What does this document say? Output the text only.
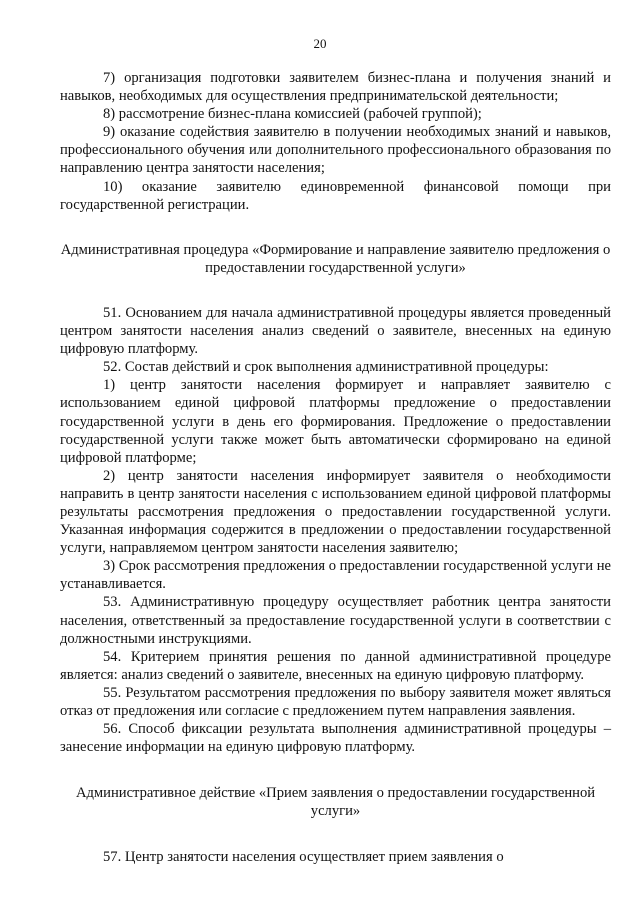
20

7) организация подготовки заявителем бизнес-плана и получения знаний и навыков, необходимых для осуществления предпринимательской деятельности;

8) рассмотрение бизнес-плана комиссией (рабочей группой);

9) оказание содействия заявителю в получении необходимых знаний и навыков, профессионального обучения или дополнительного профессионального образования по направлению центра занятости населения;

10) оказание заявителю единовременной финансовой помощи при государственной регистрации.

Административная процедура «Формирование и направление заявителю предложения о предоставлении государственной услуги»

51. Основанием для начала административной процедуры является проведенный центром занятости населения анализ сведений о заявителе, внесенных на единую цифровую платформу.

52. Состав действий и срок выполнения административной процедуры:

1) центр занятости населения формирует и направляет заявителю с использованием единой цифровой платформы предложение о предоставлении государственной услуги в день его формирования. Предложение о предоставлении государственной услуги также может быть автоматически сформировано на единой цифровой платформе;

2) центр занятости населения информирует заявителя о необходимости направить в центр занятости населения с использованием единой цифровой платформы результаты рассмотрения предложения о предоставлении государственной услуги. Указанная информация содержится в предложении о предоставлении государственной услуги, направляемом центром занятости населения заявителю;

3) Срок рассмотрения предложения о предоставлении государственной услуги не устанавливается.

53. Административную процедуру осуществляет работник центра занятости населения, ответственный за предоставление государственной услуги в соответствии с должностными инструкциями.

54. Критерием принятия решения по данной административной процедуре является: анализ сведений о заявителе, внесенных на единую цифровую платформу.

55. Результатом рассмотрения предложения по выбору заявителя может являться отказ от предложения или согласие с предложением путем направления заявления.

56. Способ фиксации результата выполнения административной процедуры – занесение информации на единую цифровую платформу.

Административное действие «Прием заявления о предоставлении государственной услуги»

57. Центр занятости населения осуществляет прием заявления о
